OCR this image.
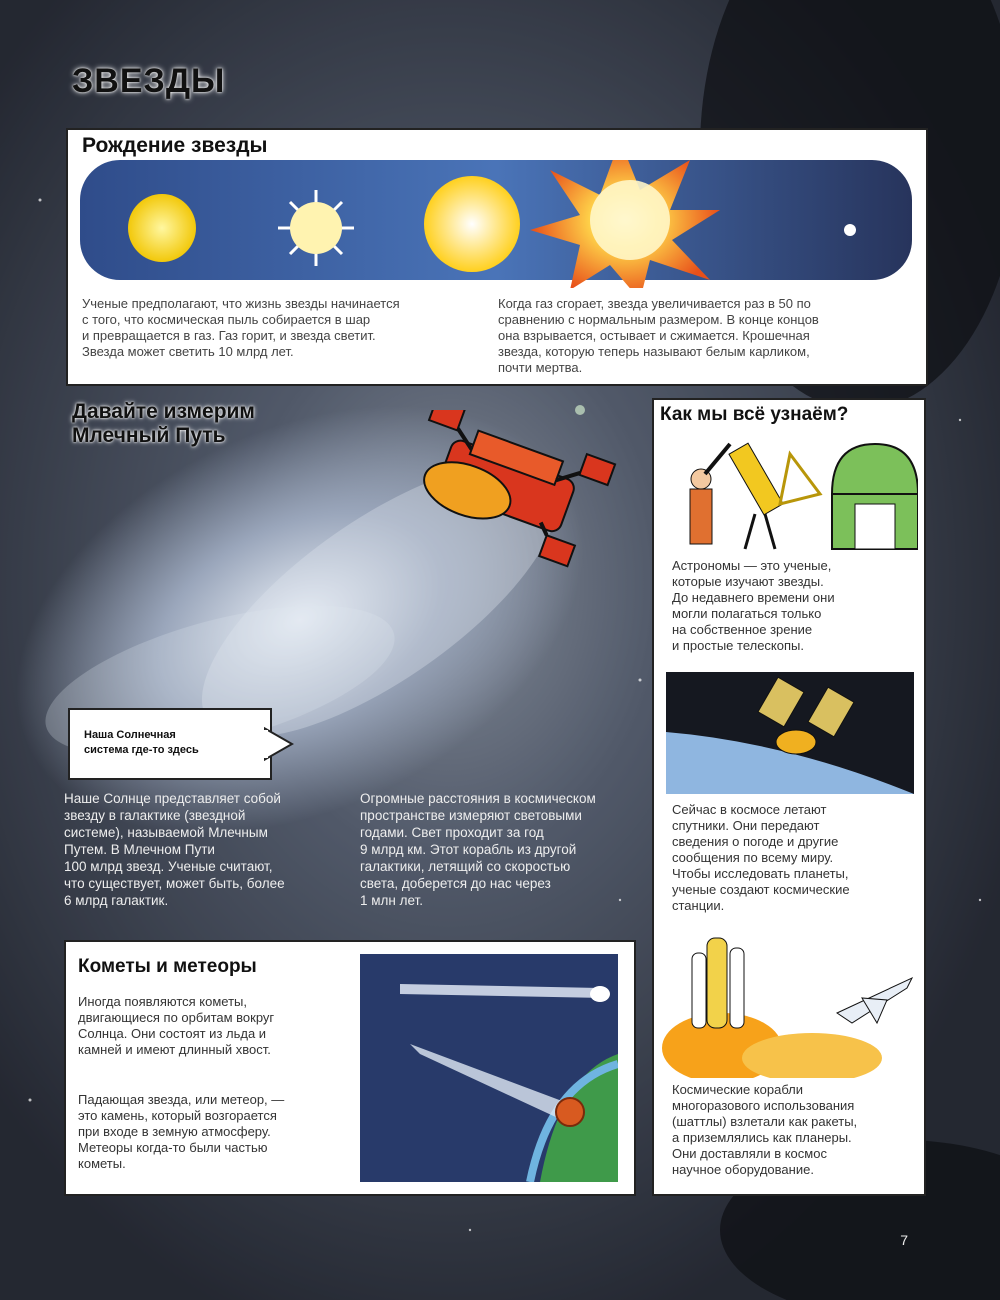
ЗВЕЗДЫ
Рождение звезды
Ученые предполагают, что жизнь звезды начинается
с того, что космическая пыль собирается в шар
и превращается в газ. Газ горит, и звезда светит.
Звезда может светить 10 млрд лет.
Когда газ сгорает, звезда увеличивается раз в 50 по
сравнению с нормальным размером. В конце концов
она взрывается, остывает и сжимается. Крошечная
звезда, которую теперь называют белым карликом,
почти мертва.
Давайте измерим
Млечный Путь
Наша Солнечная
система где-то здесь
Наше Солнце представляет собой
звезду в галактике (звездной
системе), называемой Млечным
Путем. В Млечном Пути
100 млрд звезд. Ученые считают,
что существует, может быть, более
6 млрд галактик.
Огромные расстояния в космическом
пространстве измеряют световыми
годами. Свет проходит за год
9 млрд км. Этот корабль из другой
галактики, летящий со скоростью
света, доберется до нас через
1 млн лет.
Кометы и метеоры
Иногда появляются кометы,
двигающиеся по орбитам вокруг
Солнца. Они состоят из льда и
камней и имеют длинный хвост.
Падающая звезда, или метеор, —
это камень, который возгорается
при входе в земную атмосферу.
Метеоры когда-то были частью
кометы.
Как мы всё узнаём?
Астрономы — это ученые,
которые изучают звезды.
До недавнего времени они
могли полагаться только
на собственное зрение
и простые телескопы.
Сейчас в космосе летают
спутники. Они передают
сведения о погоде и другие
сообщения по всему миру.
Чтобы исследовать планеты,
ученые создают космические
станции.
Космические корабли
многоразового использования
(шаттлы) взлетали как ракеты,
а приземлялись как планеры.
Они доставляли в космос
научное оборудование.
7
